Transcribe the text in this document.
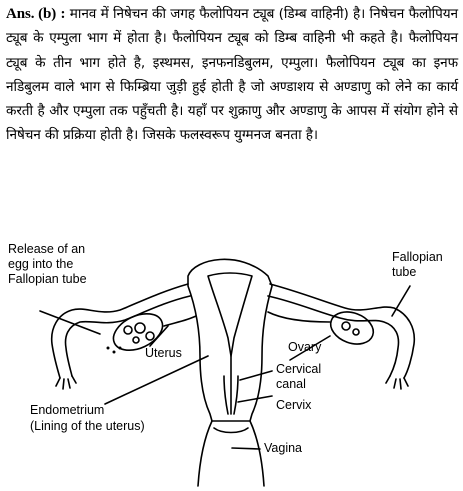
Ans. (b) : मानव में निषेचन की जगह फैलोपियन ट्यूब (डिम्ब वाहिनी) है। निषेचन फैलोपियन ट्यूब के एम्पुला भाग में होता है। फैलोपियन ट्यूब को डिम्ब वाहिनी भी कहते है। फैलोपियन ट्यूब के तीन भाग होते है, इस्थमस, इनफनडिबुलम, एम्पुला। फैलोपियन ट्यूब का इनफ नडिबुलम वाले भाग से फिम्ब्रिया जुड़ी हुई होती है जो अण्डाशय से अण्डाणु को लेने का कार्य करती है और एम्पुला तक पहुँचती है। यहाँ पर शुक्राणु और अण्डाणु के आपस में संयोग होने से निषेचन की प्रक्रिया होती है। जिसके फलस्वरूप युग्मनज बनता है।
Release of an
egg into the
Fallopian tube
Fallopian
tube
Uterus	Ovary
Cervical
canal
Cervix
Endometrium
(Lining of the uterus)
Vagina
